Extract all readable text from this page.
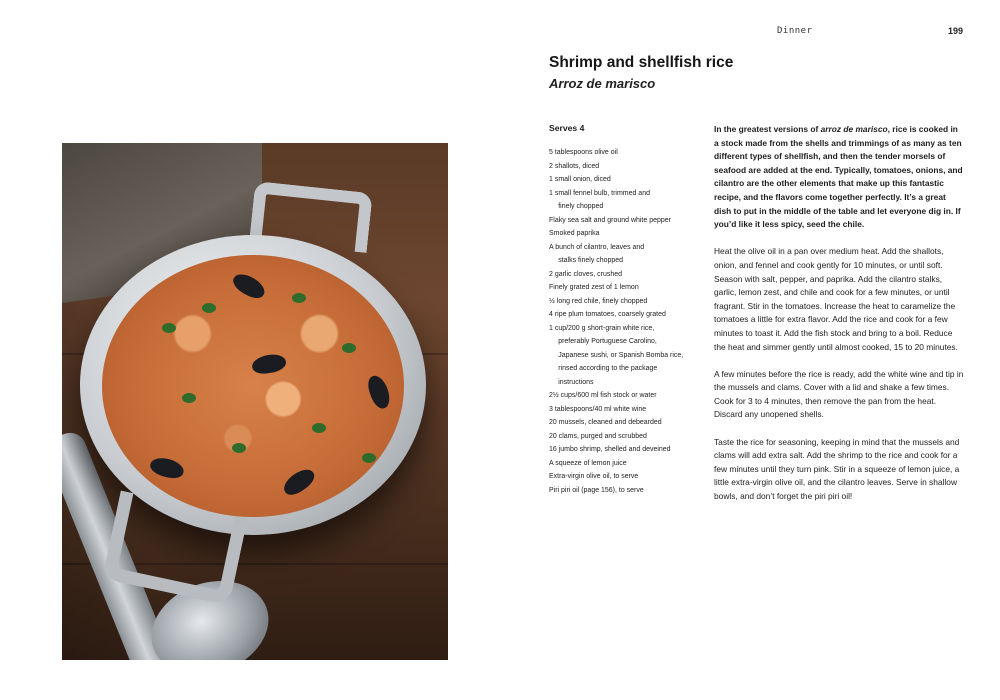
Dinner	199
Shrimp and shellfish rice
Arroz de marisco

Serves 4

5 tablespoons olive oil
2 shallots, diced
1 small onion, diced
1 small fennel bulb, trimmed and
finely chopped
Flaky sea salt and ground white pepper
Smoked paprika
A bunch of cilantro, leaves and
stalks finely chopped
2 garlic cloves, crushed
Finely grated zest of 1 lemon
½ long red chile, finely chopped
4 ripe plum tomatoes, coarsely grated
1 cup/200 g short-grain white rice,
preferably Portuguese Carolino,
Japanese sushi, or Spanish Bomba rice,
rinsed according to the package
instructions
2½ cups/600 ml fish stock or water
3 tablespoons/40 ml white wine
20 mussels, cleaned and debearded
20 clams, purged and scrubbed
16 jumbo shrimp, shelled and deveined
A squeeze of lemon juice
Extra-virgin olive oil, to serve
Piri piri oil (page 156), to serve

In the greatest versions of arroz de marisco, rice is cooked in a stock made from the shells and trimmings of as many as ten different types of shellfish, and then the tender morsels of seafood are added at the end. Typically, tomatoes, onions, and cilantro are the other elements that make up this fantastic recipe, and the flavors come together perfectly. It’s a great dish to put in the middle of the table and let everyone dig in. If you’d like it less spicy, seed the chile.

Heat the olive oil in a pan over medium heat. Add the shallots, onion, and fennel and cook gently for 10 minutes, or until soft. Season with salt, pepper, and paprika. Add the cilantro stalks, garlic, lemon zest, and chile and cook for a few minutes, or until fragrant. Stir in the tomatoes. Increase the heat to caramelize the tomatoes a little for extra flavor. Add the rice and cook for a few minutes to toast it. Add the fish stock and bring to a boil. Reduce the heat and simmer gently until almost cooked, 15 to 20 minutes.

A few minutes before the rice is ready, add the white wine and tip in the mussels and clams. Cover with a lid and shake a few times. Cook for 3 to 4 minutes, then remove the pan from the heat. Discard any unopened shells.

Taste the rice for seasoning, keeping in mind that the mussels and clams will add extra salt. Add the shrimp to the rice and cook for a few minutes until they turn pink. Stir in a squeeze of lemon juice, a little extra-virgin olive oil, and the cilantro leaves. Serve in shallow bowls, and don’t forget the piri piri oil!
